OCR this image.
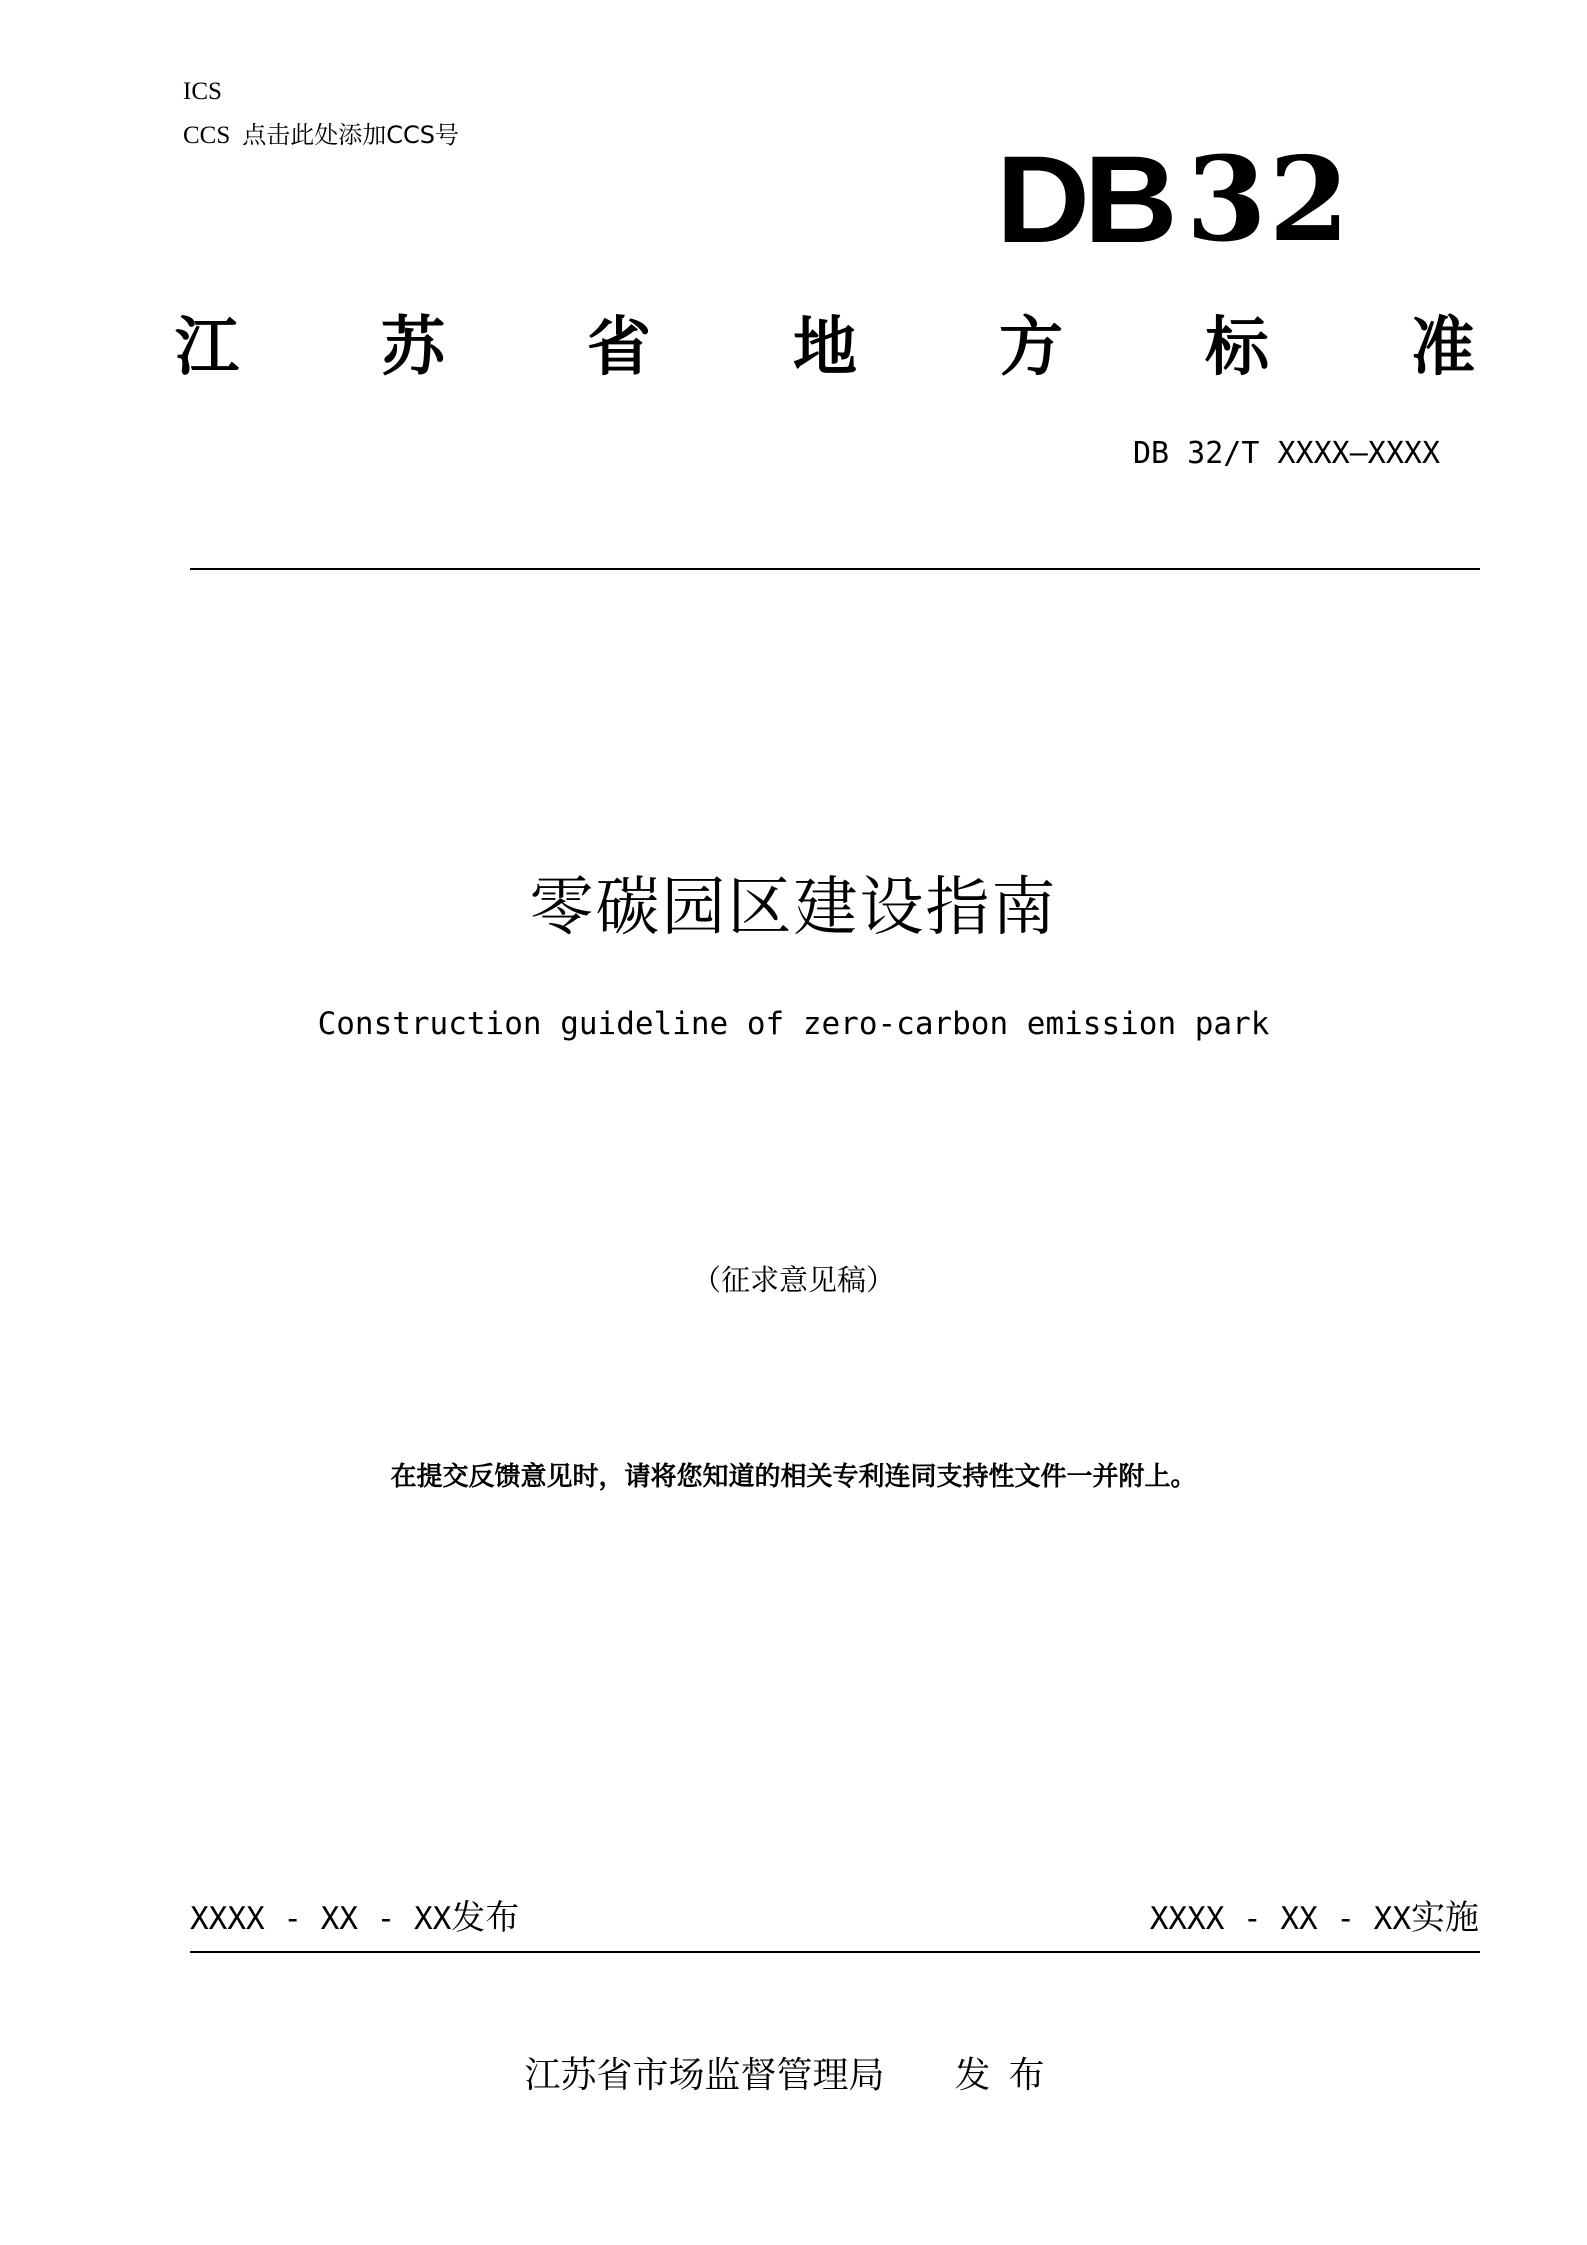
ICS
CCS 点击此处添加CCS号	DB 32
江 苏 省 地 方 标 准
DB 32/T XXXX—XXXX
零碳园区建设指南
Construction guideline of zero-carbon emission park
（征求意见稿）
在提交反馈意见时，请将您知道的相关专利连同支持性文件一并附上。
XXXX - XX - XX发布	XXXX - XX - XX实施
江苏省市场监督管理局 发布
